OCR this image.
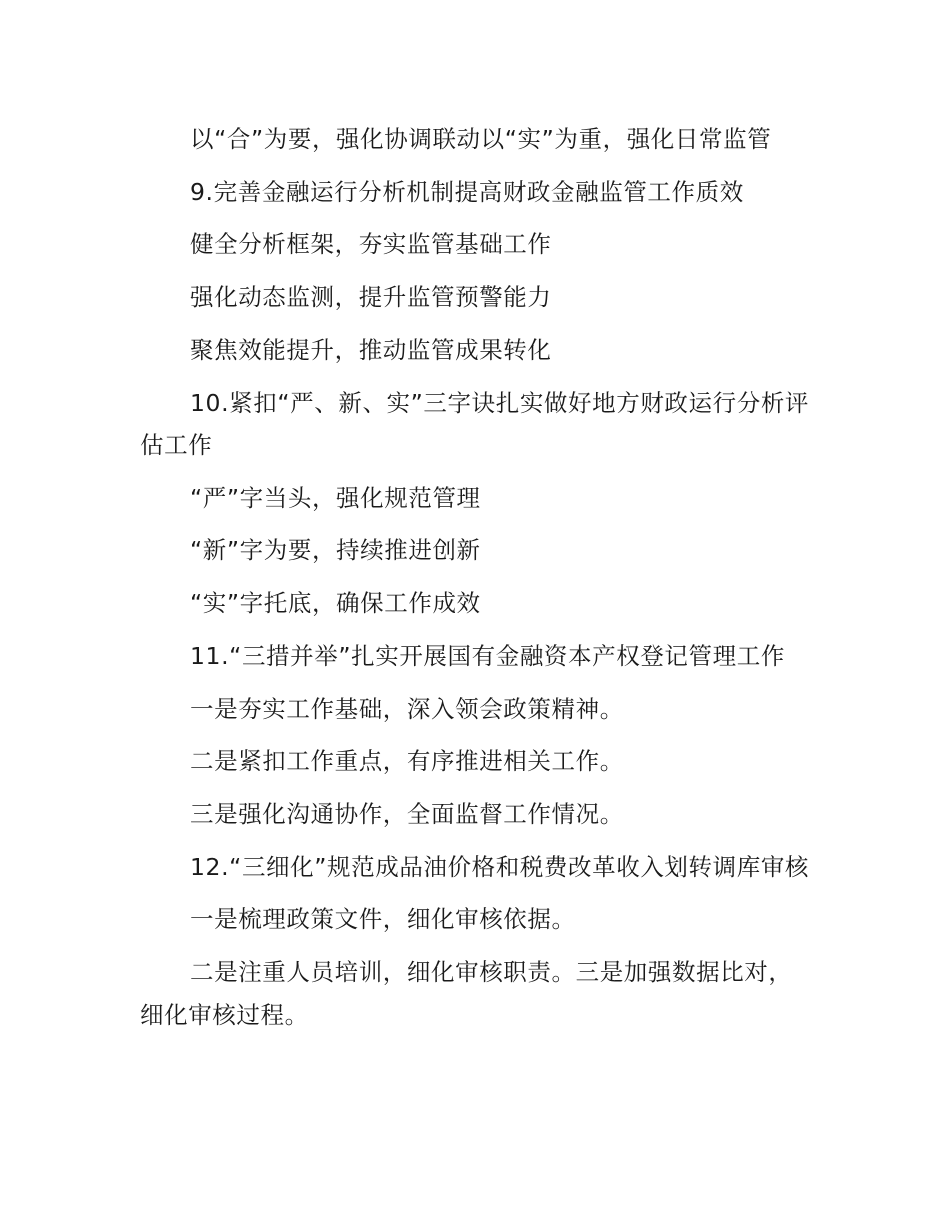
以“合”为要，强化协调联动以“实”为重，强化日常监管

9.完善金融运行分析机制提高财政金融监管工作质效

健全分析框架，夯实监管基础工作

强化动态监测，提升监管预警能力

聚焦效能提升，推动监管成果转化

10.紧扣“严、新、实”三字诀扎实做好地方财政运行分析评估工作

“严”字当头，强化规范管理

“新”字为要，持续推进创新

“实”字托底，确保工作成效

11.“三措并举”扎实开展国有金融资本产权登记管理工作

一是夯实工作基础，深入领会政策精神。

二是紧扣工作重点，有序推进相关工作。

三是强化沟通协作，全面监督工作情况。

12.“三细化”规范成品油价格和税费改革收入划转调库审核

一是梳理政策文件，细化审核依据。

二是注重人员培训，细化审核职责。三是加强数据比对，细化审核过程。
